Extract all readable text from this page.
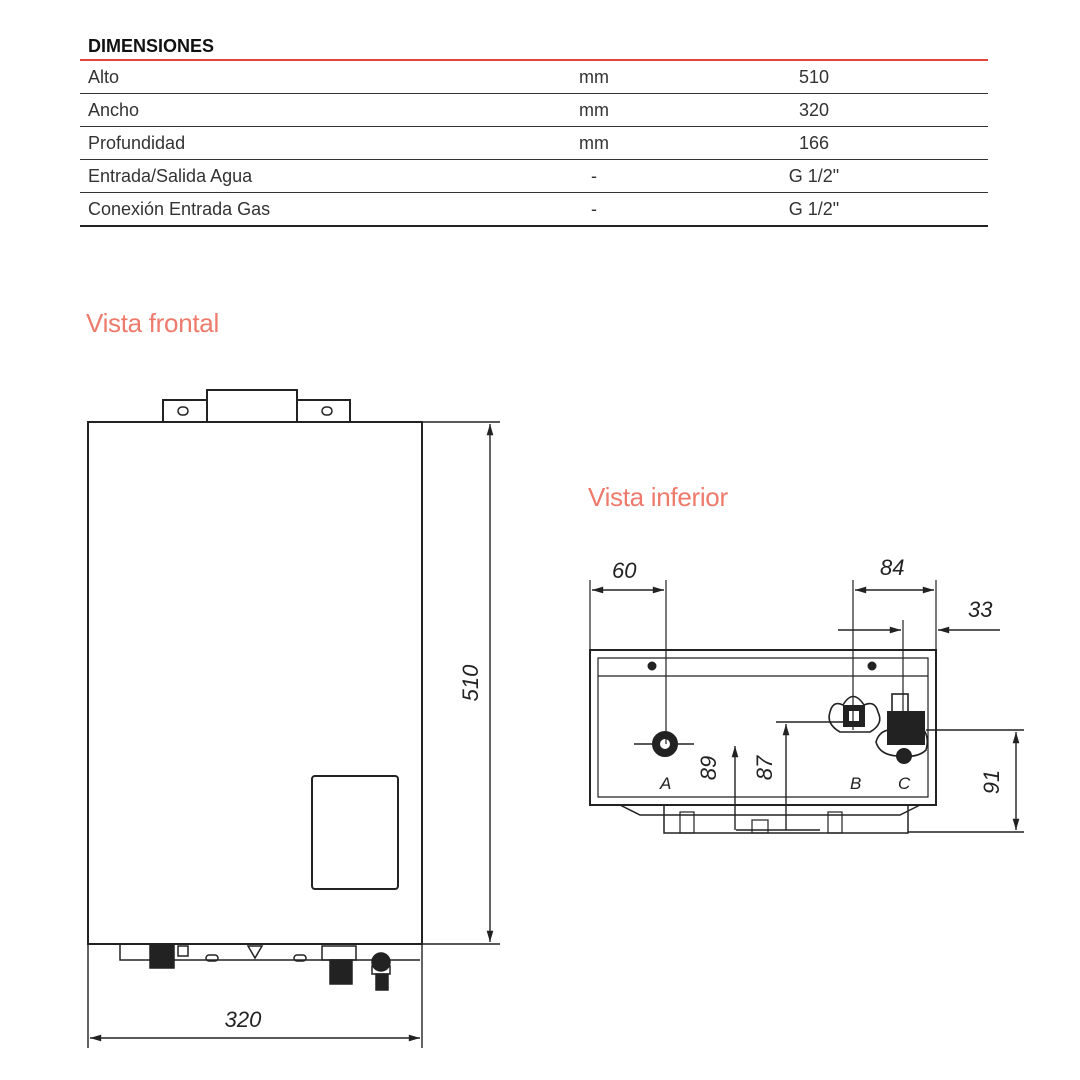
DIMENSIONES
Alto	mm	510
Ancho	mm	320
Profundidad	mm	166
Entrada/Salida Agua	-	G 1/2"
Conexión Entrada Gas	-	G 1/2"
Vista frontal
Vista inferior
510
320
60	84
33
89 87
91
A	B C
